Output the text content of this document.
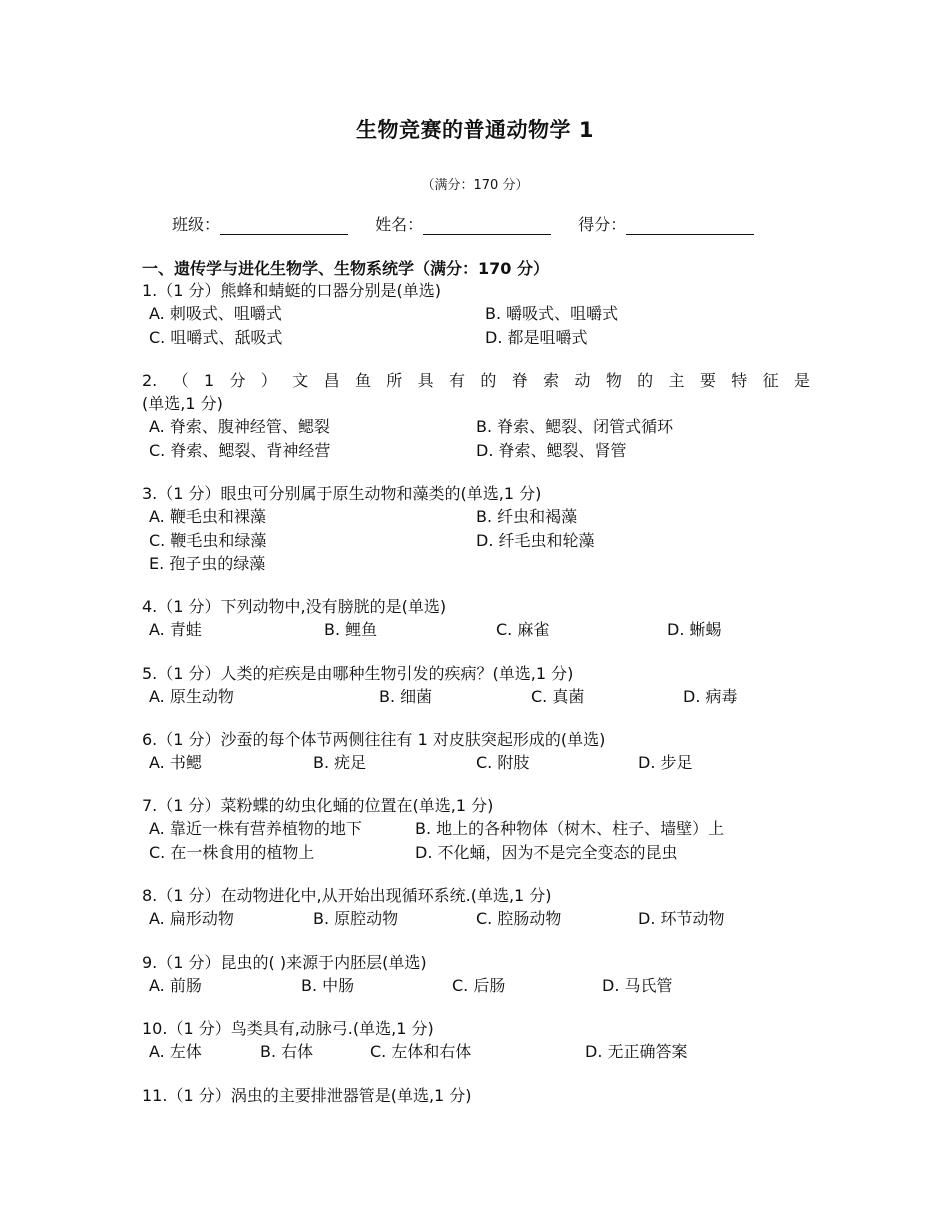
生物竞赛的普通动物学 1
（满分：170 分）
班级：	姓名：	得分：
一、遗传学与进化生物学、生物系统学（满分：170 分）
1.（1 分）熊蜂和蜻蜓的口器分别是(单选)
A. 刺吸式、咀嚼式	B. 嚼吸式、咀嚼式
C. 咀嚼式、舐吸式	D. 都是咀嚼式
2. （ 1 分 ） 文 昌 鱼 所 具 有 的 脊 索 动 物 的 主 要 特 征 是
(单选,1 分)
A. 脊索、腹神经管、鳃裂	B. 脊索、鳃裂、闭管式循环
C. 脊索、鳃裂、背神经营	D. 脊索、鳃裂、肾管
3.（1 分）眼虫可分别属于原生动物和藻类的(单选,1 分)
A. 鞭毛虫和裸藻	B. 纤虫和褐藻
C. 鞭毛虫和绿藻	D. 纤毛虫和轮藻
E. 孢子虫的绿藻
4.（1 分）下列动物中,没有膀胱的是(单选)
A. 青蛙	B. 鲤鱼	C. 麻雀	D. 蜥蜴
5.（1 分）人类的疟疾是由哪种生物引发的疾病？(单选,1 分)
A. 原生动物	B. 细菌	C. 真菌	D. 病毒
6.（1 分）沙蚕的每个体节两侧往往有 1 对皮肤突起形成的(单选)
A. 书鳃	B. 疣足	C. 附肢	D. 步足
7.（1 分）菜粉蝶的幼虫化蛹的位置在(单选,1 分)
A. 靠近一株有营养植物的地下	B. 地上的各种物体（树木、柱子、墙壁）上
C. 在一株食用的植物上	D. 不化蛹，因为不是完全变态的昆虫
8.（1 分）在动物进化中,从开始出现循环系统.(单选,1 分)
A. 扁形动物	B. 原腔动物	C. 腔肠动物	D. 环节动物
9.（1 分）昆虫的( )来源于内胚层(单选)
A. 前肠	B. 中肠	C. 后肠	D. 马氏管
10.（1 分）鸟类具有,动脉弓.(单选,1 分)
A. 左体	B. 右体	C. 左体和右体	D. 无正确答案
11.（1 分）涡虫的主要排泄器管是(单选,1 分)
